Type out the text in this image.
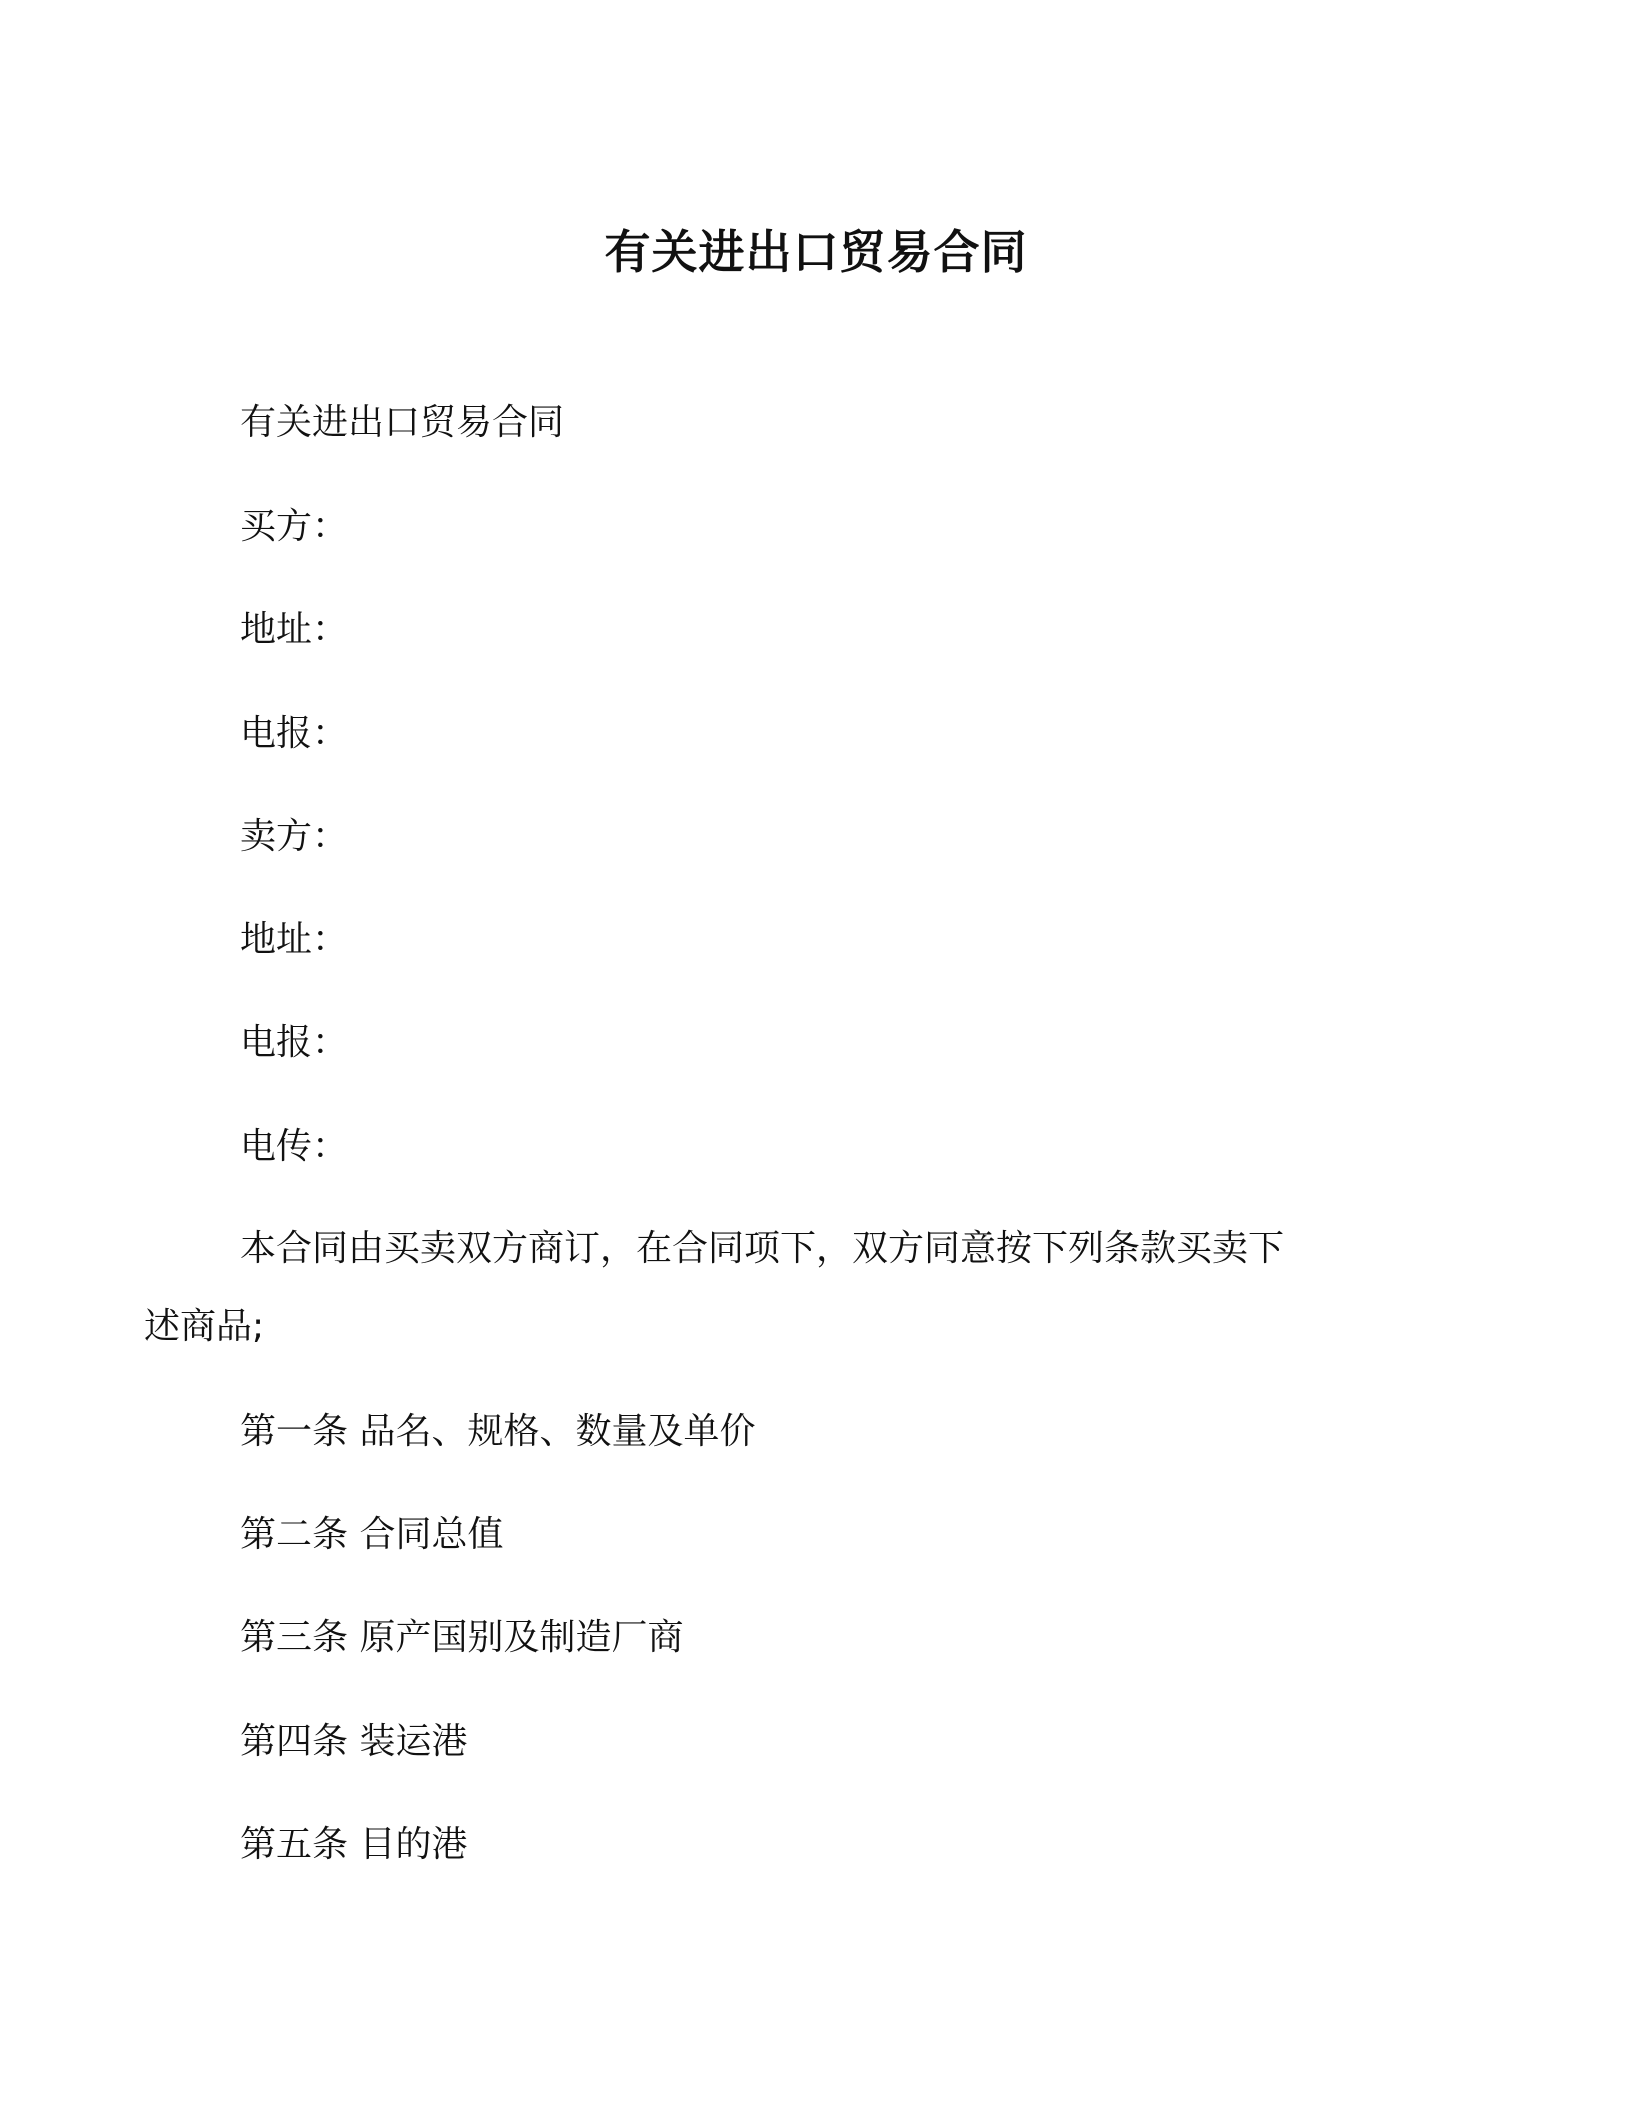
有关进出口贸易合同

有关进出口贸易合同

买方：

地址：

电报：

卖方：

地址：

电报：

电传：

本合同由买卖双方商订，在合同项下，双方同意按下列条款买卖下述商品;

第一条 品名、规格、数量及单价

第二条 合同总值

第三条 原产国别及制造厂商

第四条 装运港

第五条 目的港
